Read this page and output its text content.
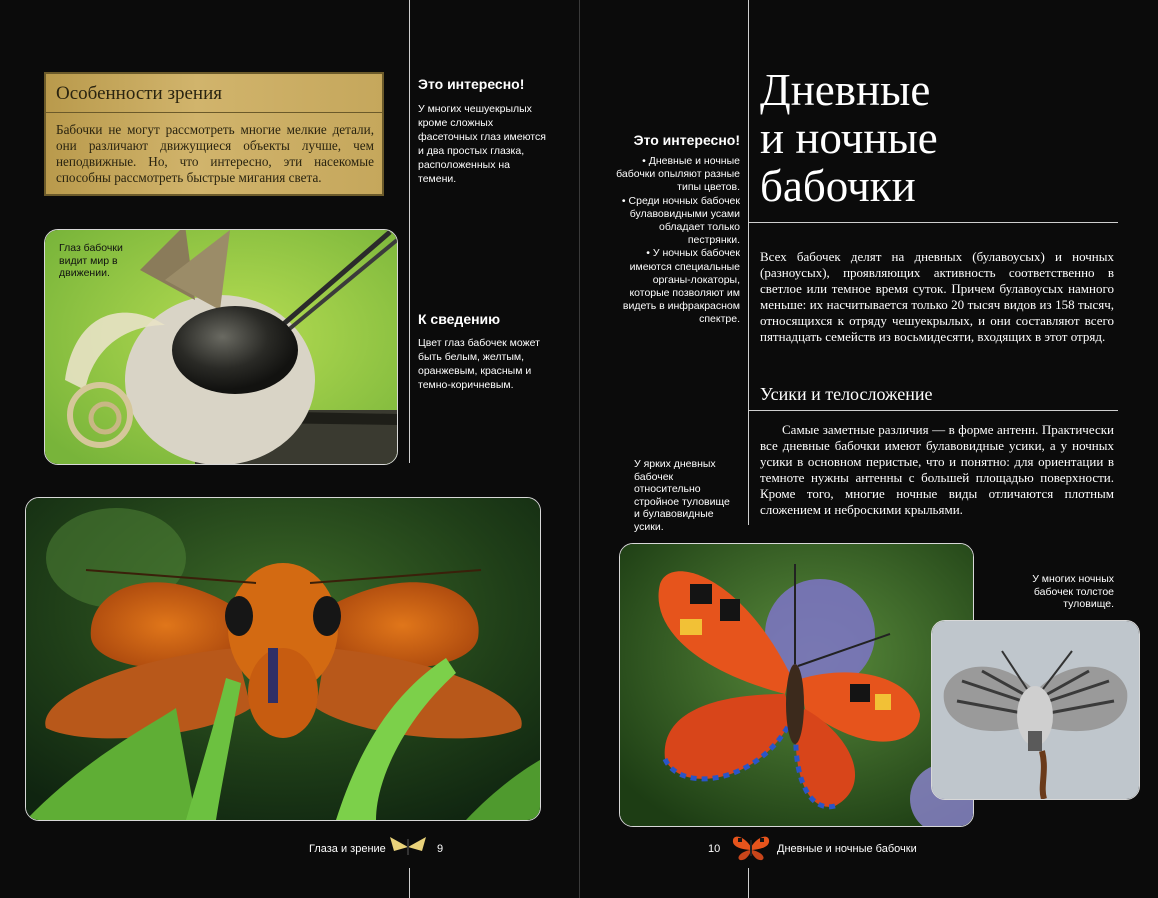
Особенности зрения
Бабочки не могут рассмотреть многие мелкие детали, они различают движущиеся объекты лучше, чем неподвижные. Но, что интересно, эти насекомые способны рассмотреть быстрые мигания света.
Это интересно!
У многих чешуекрылых кроме сложных фасеточных глаз имеются и два простых глазка, расположенных на темени.
К сведению
Цвет глаз бабочек может быть белым, желтым, оранжевым, красным и темно-коричневым.
Глаз бабочки видит мир в движении.
Глаза и зрение	9
Дневные
и ночные
бабочки
Это интересно!
• Дневные и ночные бабочки опыляют разные типы цветов.
• Среди ночных бабочек булавовидными усами обладает только пестрянки.
• У ночных бабочек имеются специальные органы-локаторы, которые позволяют им видеть в инфракрасном спектре.
Всех бабочек делят на дневных (булавоусых) и ночных (разноусых), проявляющих активность соответственно в светлое или темное время суток. Причем булавоусых намного меньше: их насчитывается только 20 тысяч видов из 158 тысяч, относящихся к отряду чешуекрылых, и они составляют всего пятнадцать семейств из восьмидесяти, входящих в этот отряд.
Усики и телосложение
Самые заметные различия — в форме антенн. Практически все дневные бабочки имеют булавовидные усики, а у ночных усики в основном перистые, что и понятно: для ориентации в темноте нужны антенны с большей площадью поверхности. Кроме того, многие ночные виды отличаются плотным сложением и неброскими крыльями.
У ярких дневных бабочек относительно стройное туловище и булавовидные усики.
У многих ночных бабочек толстое туловище.
10	Дневные и ночные бабочки
